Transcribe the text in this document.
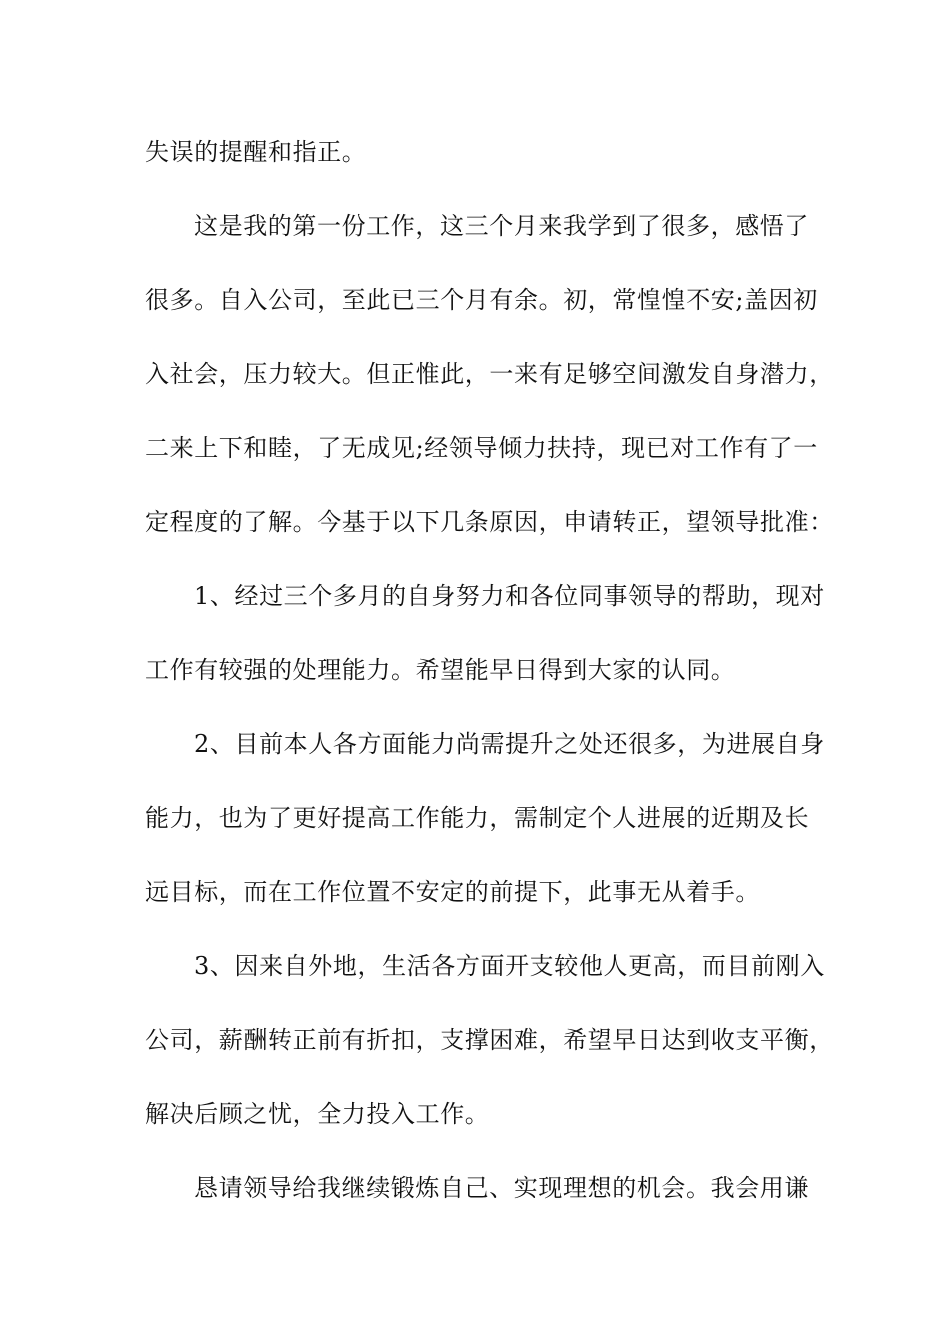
失误的提醒和指正。

这是我的第一份工作，这三个月来我学到了很多，感悟了

很多。自入公司，至此已三个月有余。初，常惶惶不安;盖因初

入社会，压力较大。但正惟此，一来有足够空间激发自身潜力，

二来上下和睦，了无成见;经领导倾力扶持，现已对工作有了一

定程度的了解。今基于以下几条原因，申请转正，望领导批准：

1、经过三个多月的自身努力和各位同事领导的帮助，现对

工作有较强的处理能力。希望能早日得到大家的认同。

2、目前本人各方面能力尚需提升之处还很多，为进展自身

能力，也为了更好提高工作能力，需制定个人进展的近期及长

远目标，而在工作位置不安定的前提下，此事无从着手。

3、因来自外地，生活各方面开支较他人更高，而目前刚入

公司，薪酬转正前有折扣，支撑困难，希望早日达到收支平衡，

解决后顾之忧，全力投入工作。

恳请领导给我继续锻炼自己、实现理想的机会。我会用谦
